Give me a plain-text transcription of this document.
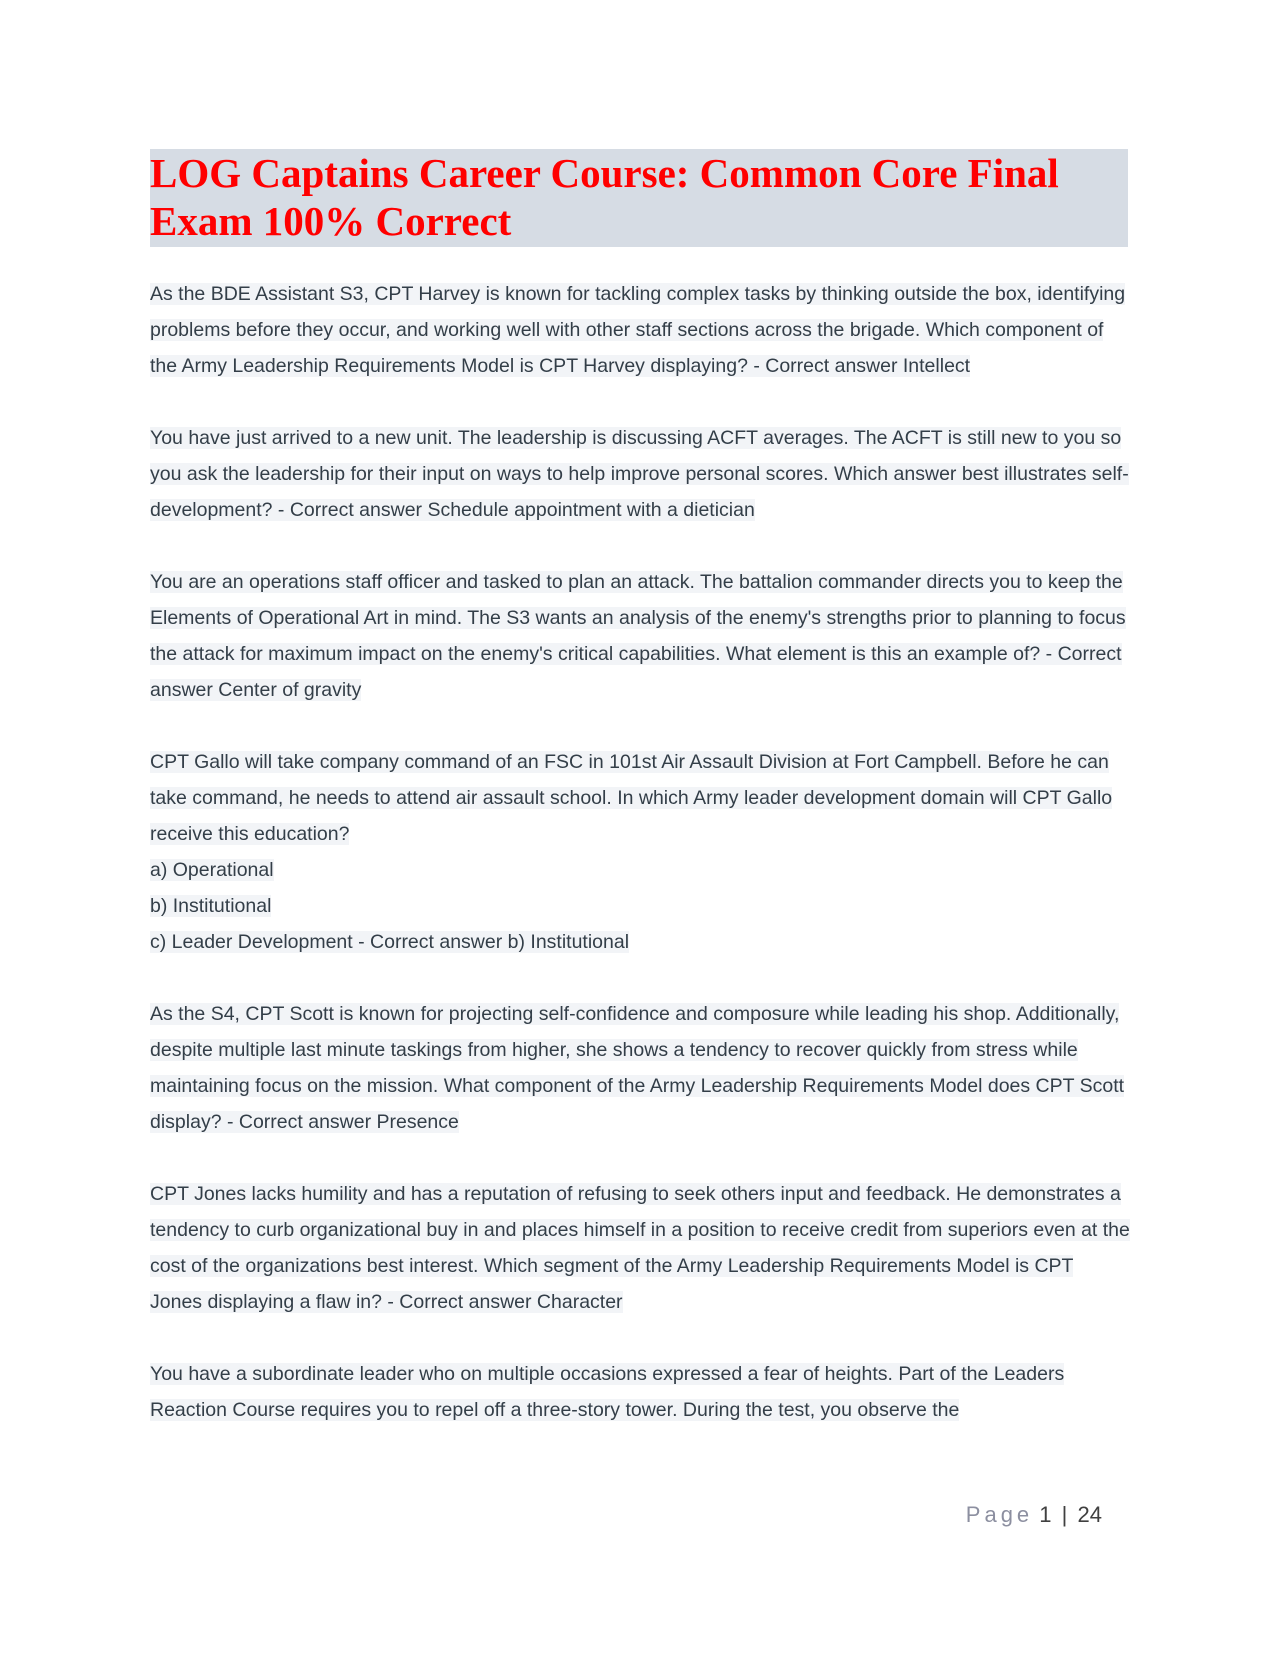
LOG Captains Career Course: Common Core Final Exam 100% Correct

As the BDE Assistant S3, CPT Harvey is known for tackling complex tasks by thinking outside the box, identifying problems before they occur, and working well with other staff sections across the brigade. Which component of the Army Leadership Requirements Model is CPT Harvey displaying? - Correct answer Intellect

You have just arrived to a new unit. The leadership is discussing ACFT averages. The ACFT is still new to you so you ask the leadership for their input on ways to help improve personal scores. Which answer best illustrates self-development? - Correct answer Schedule appointment with a dietician

You are an operations staff officer and tasked to plan an attack. The battalion commander directs you to keep the Elements of Operational Art in mind. The S3 wants an analysis of the enemy's strengths prior to planning to focus the attack for maximum impact on the enemy's critical capabilities. What element is this an example of? - Correct answer Center of gravity

CPT Gallo will take company command of an FSC in 101st Air Assault Division at Fort Campbell. Before he can take command, he needs to attend air assault school. In which Army leader development domain will CPT Gallo receive this education?
a) Operational
b) Institutional
c) Leader Development - Correct answer b) Institutional

As the S4, CPT Scott is known for projecting self-confidence and composure while leading his shop. Additionally, despite multiple last minute taskings from higher, she shows a tendency to recover quickly from stress while maintaining focus on the mission. What component of the Army Leadership Requirements Model does CPT Scott display? - Correct answer Presence

CPT Jones lacks humility and has a reputation of refusing to seek others input and feedback. He demonstrates a tendency to curb organizational buy in and places himself in a position to receive credit from superiors even at the cost of the organizations best interest. Which segment of the Army Leadership Requirements Model is CPT Jones displaying a flaw in? - Correct answer Character

You have a subordinate leader who on multiple occasions expressed a fear of heights. Part of the Leaders Reaction Course requires you to repel off a three-story tower. During the test, you observe the

Page 1 | 24
